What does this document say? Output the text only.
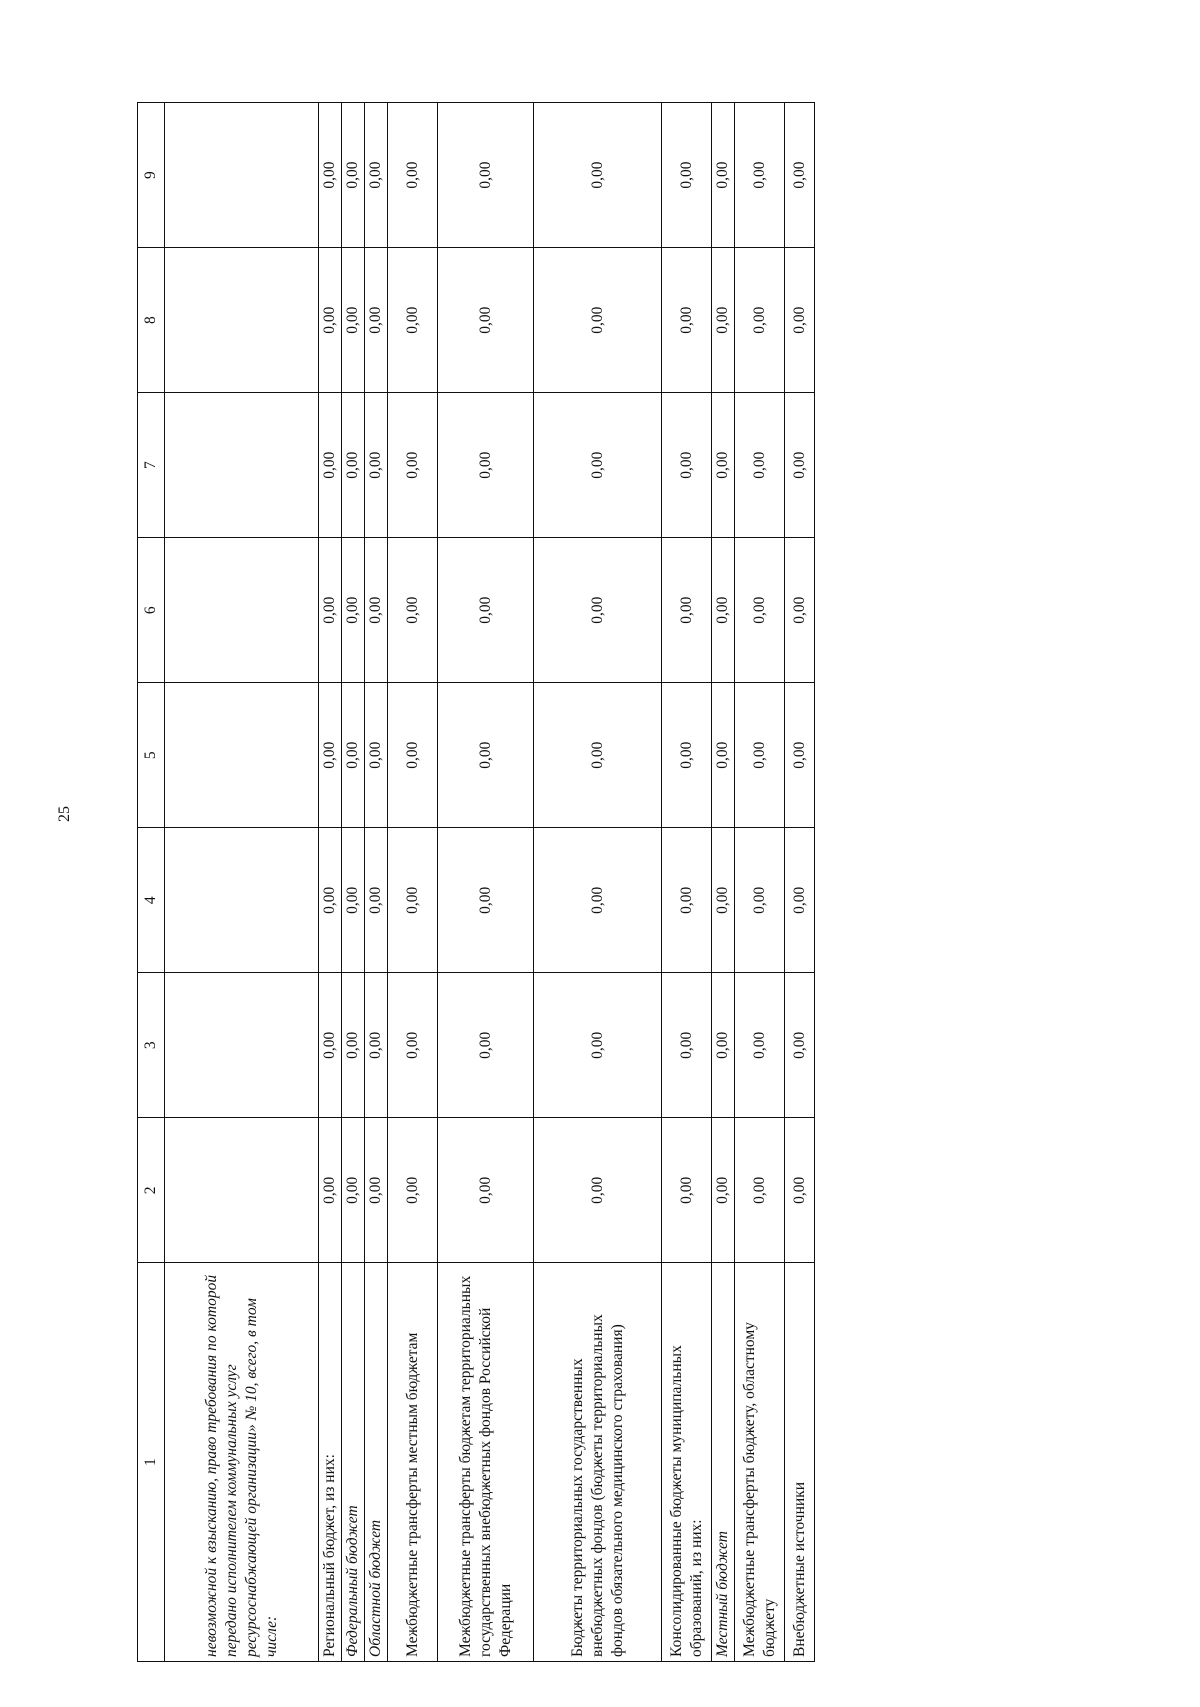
25
1	2	3	4	5	6	7	8	9
невозможной к взысканию, право требования по которой передано исполнителем коммунальных услуг ресурсоснабжающей организации» № 10, всего, в том числе:								
Региональный бюджет, из них:	0,00	0,00	0,00	0,00	0,00	0,00	0,00	0,00
Федеральный бюджет	0,00	0,00	0,00	0,00	0,00	0,00	0,00	0,00
Областной бюджет	0,00	0,00	0,00	0,00	0,00	0,00	0,00	0,00
Межбюджетные трансферты местным бюджетам	0,00	0,00	0,00	0,00	0,00	0,00	0,00	0,00
Межбюджетные трансферты бюджетам территориальных государственных внебюджетных фондов Российской Федерации	0,00	0,00	0,00	0,00	0,00	0,00	0,00	0,00
Бюджеты территориальных государственных внебюджетных фондов (бюджеты территориальных фондов обязательного медицинского страхования)	0,00	0,00	0,00	0,00	0,00	0,00	0,00	0,00
Консолидированные бюджеты муниципальных образований, из них:	0,00	0,00	0,00	0,00	0,00	0,00	0,00	0,00
Местный бюджет	0,00	0,00	0,00	0,00	0,00	0,00	0,00	0,00
Межбюджетные трансферты бюджету, областному бюджету	0,00	0,00	0,00	0,00	0,00	0,00	0,00	0,00
Внебюджетные источники	0,00	0,00	0,00	0,00	0,00	0,00	0,00	0,00
